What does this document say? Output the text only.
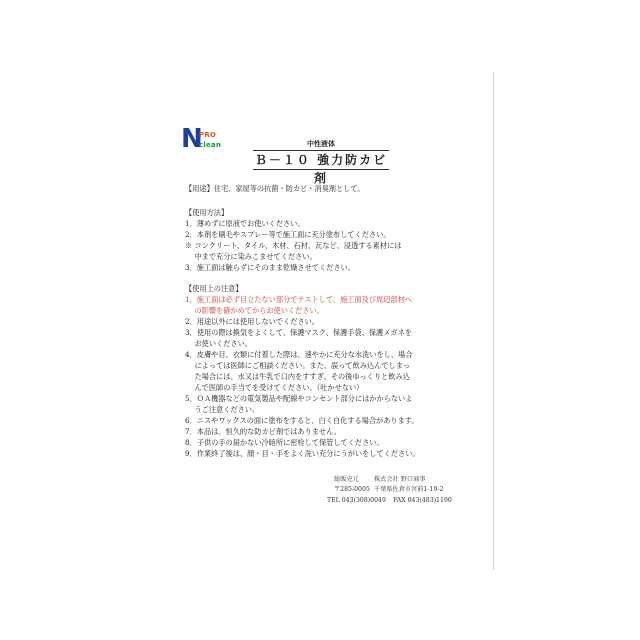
N
PRO
clean	中性液体
Ｂ－１０ 強力防カビ剤
【用途】住宅、家屋等の抗菌・防カビ・消臭剤として。
【使用方法】
1．薄めずに原液でお使いください。
2．本剤を刷毛やスプレー等で施工面に充分塗布してください。
※ コンクリート、タイル、木材、石材、瓦など、浸透する素材には
　 中まで充分に染みこませてください。
3．施工面は触らずにそのまま乾燥させてください。
【使用上の注意】
1．施工面は必ず目立たない部分でテストして、施工面及び周辺部材へ
　 の影響を確かめてからお使いください。
2．用途以外には使用しないでください。
3．使用の際は換気をよくして、保護マスク、保護手袋、保護メガネを
　 お使いください。
4．皮膚や目、衣類に付着した際は、速やかに充分な水洗いをし、場合
　 によっては医師にご相談ください。また、誤って飲み込んでしまっ
　 た場合には、水又は牛乳で口内をすすぎ、その後ゆっくりと飲み込
　 んで医師の手当てを受けてください。（吐かせない）
5．ＯＡ機器などの電気製品や配線やコンセント部分にはかからないよ
　 うご注意ください。
6．ニスやワックスの面に塗布をすると、白く白化する場合があります。
7．本品は、恒久的な防カビ剤ではありません。
8．子供の手の届かない冷暗所に密栓して保管してください。
9．作業終了後は、顔・目・手をよく洗い充分にうがいをしてください。
総販売元 株式会社 野口商事
〒285-0005 千葉県佐倉市宮前1-19-2
TEL 043(308)0049 FAX 043(483)1190
